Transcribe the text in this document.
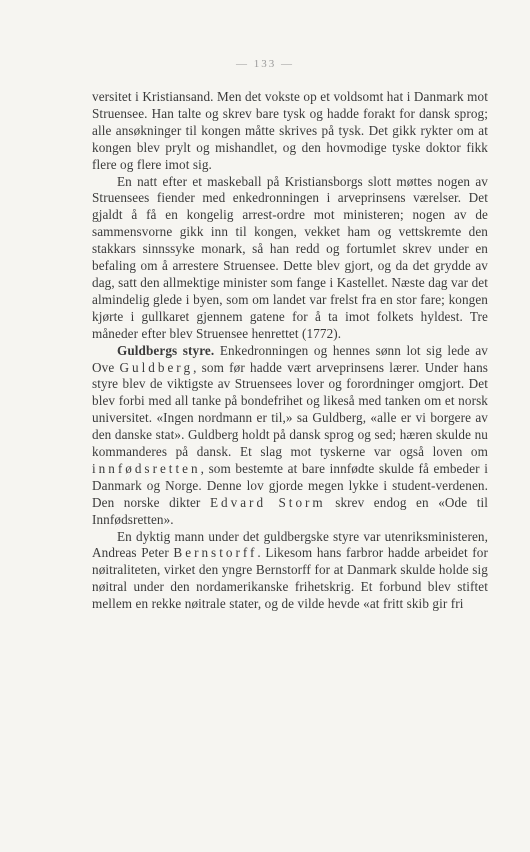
— 133 —

versitet i Kristiansand. Men det vokste op et voldsomt hat i Danmark mot Struensee. Han talte og skrev bare tysk og hadde forakt for dansk sprog; alle ansøkninger til kongen måtte skrives på tysk. Det gikk rykter om at kongen blev prylt og mishandlet, og den hovmodige tyske doktor fikk flere og flere imot sig.

En natt efter et maskeball på Kristiansborgs slott møttes nogen av Struensees fiender med enkedronningen i arveprinsens værelser. Det gjaldt å få en kongelig arrest-ordre mot ministeren; nogen av de sammensvorne gikk inn til kongen, vekket ham og vettskremte den stakkars sinnssyke monark, så han redd og fortumlet skrev under en befaling om å arrestere Struensee. Dette blev gjort, og da det grydde av dag, satt den allmektige minister som fange i Kastellet. Næste dag var det almindelig glede i byen, som om landet var frelst fra en stor fare; kongen kjørte i gullkaret gjennem gatene for å ta imot folkets hyldest. Tre måneder efter blev Struensee henrettet (1772).

Guldbergs styre. Enkedronningen og hennes sønn lot sig lede av Ove Guldberg, som før hadde vært arveprinsens lærer. Under hans styre blev de viktigste av Struensees lover og forordninger omgjort. Det blev forbi med all tanke på bondefrihet og likeså med tanken om et norsk universitet. «Ingen nordmann er til,» sa Guldberg, «alle er vi borgere av den danske stat». Guldberg holdt på dansk sprog og sed; hæren skulde nu kommanderes på dansk. Et slag mot tyskerne var også loven om innfødsretten, som bestemte at bare innfødte skulde få embeder i Danmark og Norge. Denne lov gjorde megen lykke i student-verdenen. Den norske dikter Edvard Storm skrev endog en «Ode til Innfødsretten».

En dyktig mann under det guldbergske styre var utenriksministeren, Andreas Peter Bernstorff. Likesom hans farbror hadde arbeidet for nøitraliteten, virket den yngre Bernstorff for at Danmark skulde holde sig nøitral under den nordamerikanske frihetskrig. Et forbund blev stiftet mellem en rekke nøitrale stater, og de vilde hevde «at fritt skib gir fri
